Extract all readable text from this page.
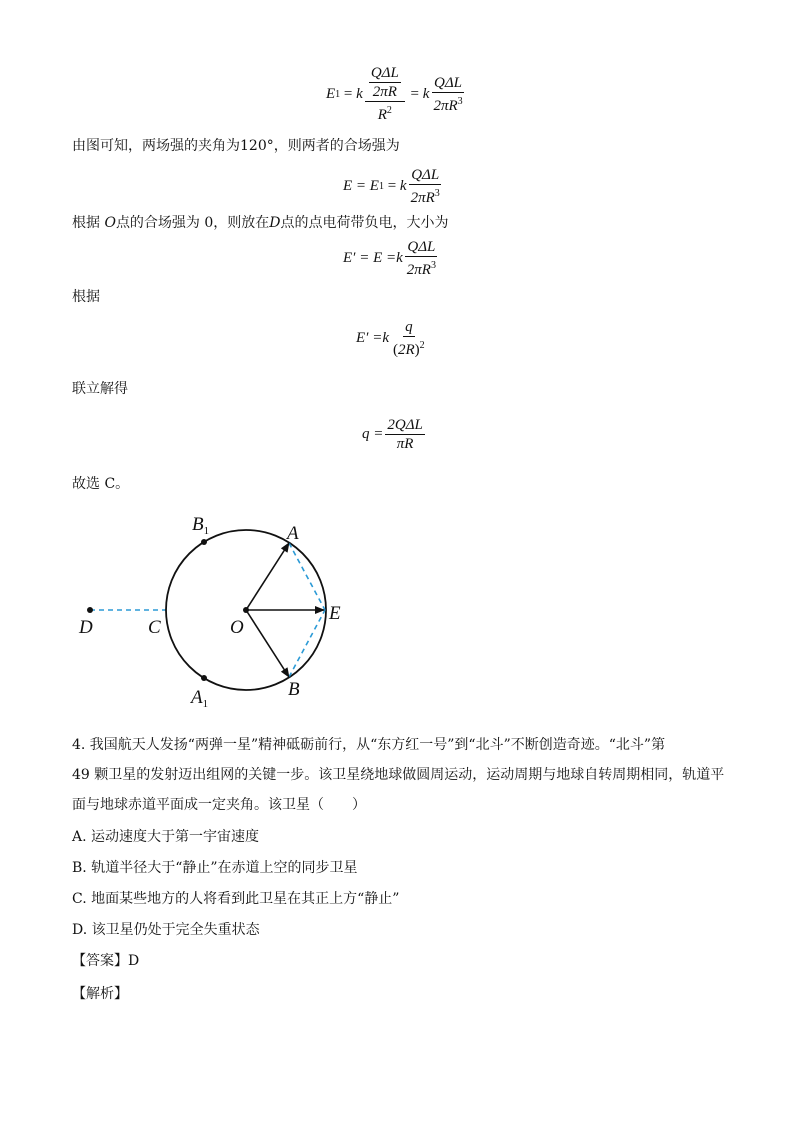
E 1 = k $\frac{\frac{\text{QΔL}}{2\pi R}}{R^2} = k \frac{\text{QΔL}}{2\pi R^3}$
由图可知，两场强的夹角为120°，则两者的合场强为
E = E 1 = k $\frac{\text{QΔL}}{2\pi R^3}$
根据 O点的合场强为 0，则放在D点的点电荷带负电，大小为
E′ = E = k $\frac{\text{QΔL}}{2\pi R^3}$
根据
E′ = k $\frac{q}{(2R)^2}$
联立解得
$q = \frac{\text{2QΔL}}{\pi R}$
故选 C。
$B_1$	A
E
D	C	O
B
$A_1$
4. 我国航天人发扬“两弹一星”精神砥砺前行，从“东方红一号”到“北斗”不断创造奇迹。“北斗”第
49 颗卫星的发射迈出组网的关键一步。该卫星绕地球做圆周运动，运动周期与地球自转周期相同，轨道平
面与地球赤道平面成一定夹角。该卫星（　　）
A. 运动速度大于第一宇宙速度
B. 轨道半径大于“静止”在赤道上空的同步卫星
C. 地面某些地方的人将看到此卫星在其正上方“静止”
D. 该卫星仍处于完全失重状态
【答案】D
【解析】
